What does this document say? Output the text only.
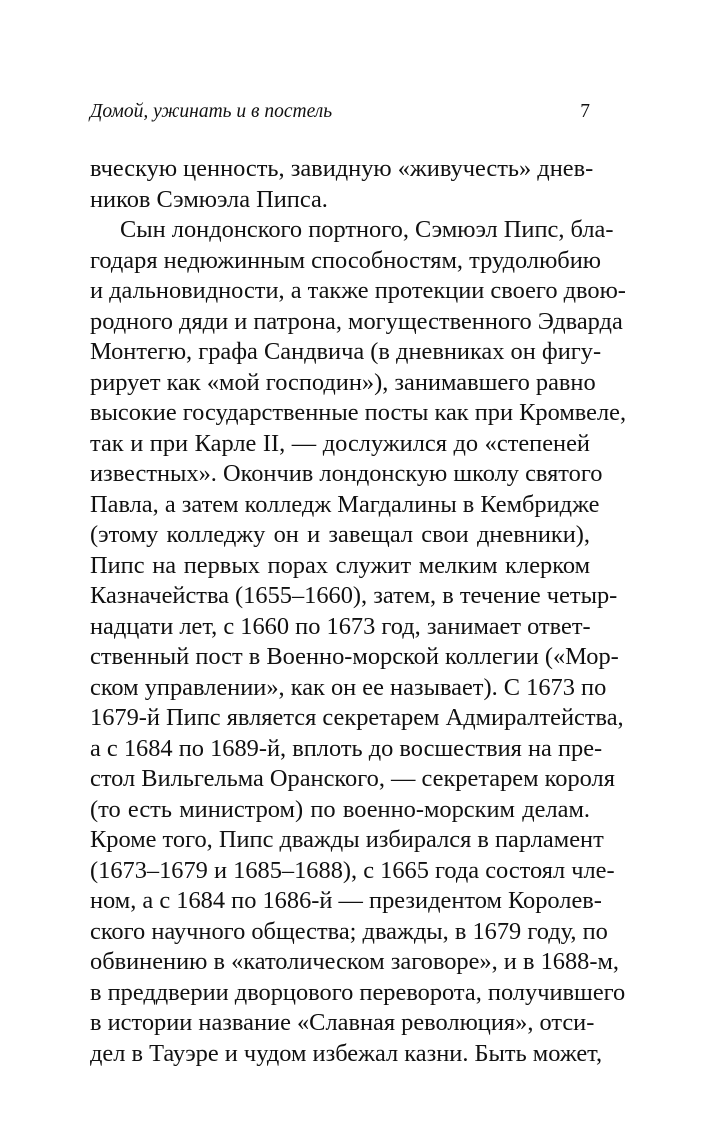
Домой, ужинать и в постель	7
вческую ценность, завидную «живучесть» днев-
ников Сэмюэла Пипса.
Сын лондонского портного, Сэмюэл Пипс, бла-
годаря недюжинным способностям, трудолюбию
и дальновидности, а также протекции своего двою-
родного дяди и патрона, могущественного Эдварда
Монтегю, графа Сандвича (в дневниках он фигу-
рирует как «мой господин»), занимавшего равно
высокие государственные посты как при Кромвеле,
так и при Карле II, — дослужился до «степеней
известных». Окончив лондонскую школу святого
Павла, а затем колледж Магдалины в Кембридже
(этому колледжу он и завещал свои дневники),
Пипс на первых порах служит мелким клерком
Казначейства (1655–1660), затем, в течение четыр-
надцати лет, с 1660 по 1673 год, занимает ответ-
ственный пост в Военно-морской коллегии («Мор-
ском управлении», как он ее называет). С 1673 по
1679-й Пипс является секретарем Адмиралтейства,
а с 1684 по 1689-й, вплоть до восшествия на пре-
стол Вильгельма Оранского, — секретарем короля
(то есть министром) по военно-морским делам.
Кроме того, Пипс дважды избирался в парламент
(1673–1679 и 1685–1688), с 1665 года состоял чле-
ном, а с 1684 по 1686-й — президентом Королев-
ского научного общества; дважды, в 1679 году, по
обвинению в «католическом заговоре», и в 1688-м,
в преддверии дворцового переворота, получившего
в истории название «Славная революция», отси-
дел в Тауэре и чудом избежал казни. Быть может,
